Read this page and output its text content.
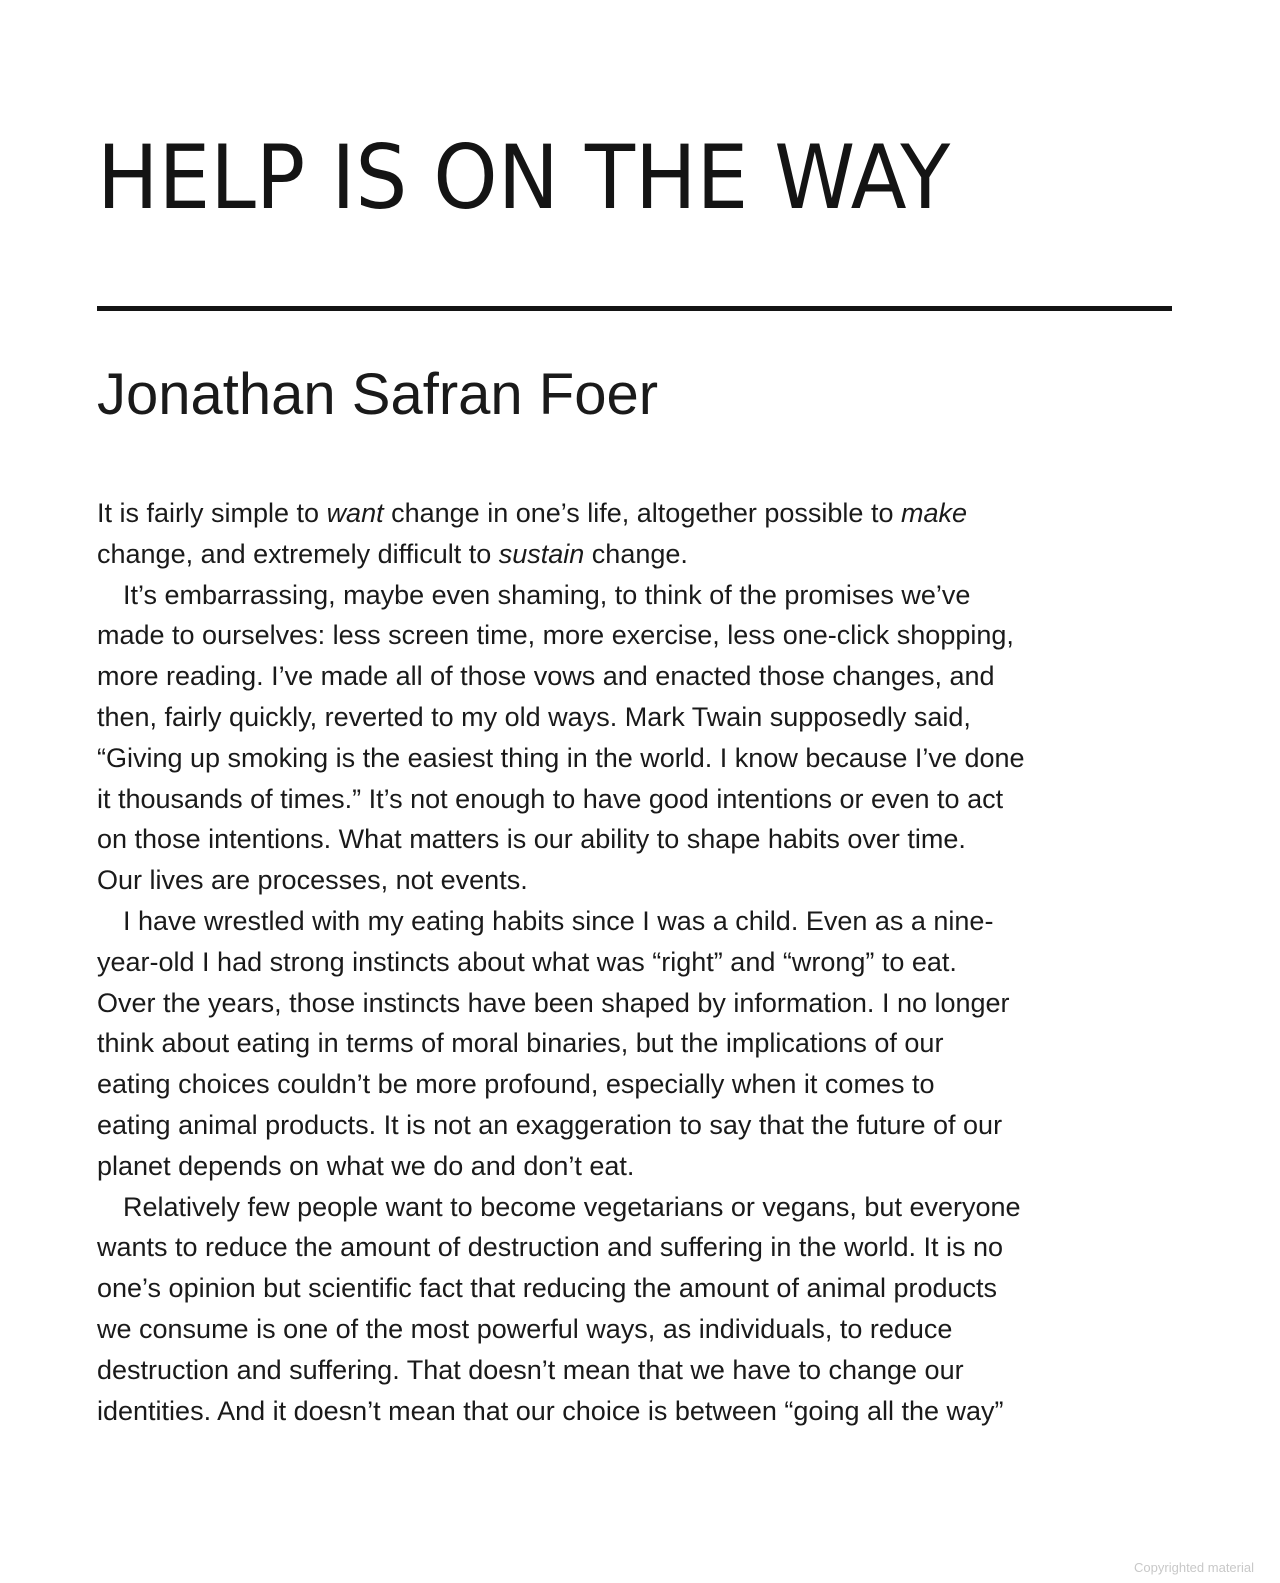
HELP IS ON THE WAY
Jonathan Safran Foer
It is fairly simple to want change in one’s life, altogether possible to make
change, and extremely difficult to sustain change.
It’s embarrassing, maybe even shaming, to think of the promises we’ve
made to ourselves: less screen time, more exercise, less one-click shopping,
more reading. I’ve made all of those vows and enacted those changes, and
then, fairly quickly, reverted to my old ways. Mark Twain supposedly said,
“Giving up smoking is the easiest thing in the world. I know because I’ve done
it thousands of times.” It’s not enough to have good intentions or even to act
on those intentions. What matters is our ability to shape habits over time.
Our lives are processes, not events.
I have wrestled with my eating habits since I was a child. Even as a nine-
year-old I had strong instincts about what was “right” and “wrong” to eat.
Over the years, those instincts have been shaped by information. I no longer
think about eating in terms of moral binaries, but the implications of our
eating choices couldn’t be more profound, especially when it comes to
eating animal products. It is not an exaggeration to say that the future of our
planet depends on what we do and don’t eat.
Relatively few people want to become vegetarians or vegans, but everyone
wants to reduce the amount of destruction and suffering in the world. It is no
one’s opinion but scientific fact that reducing the amount of animal products
we consume is one of the most powerful ways, as individuals, to reduce
destruction and suffering. That doesn’t mean that we have to change our
identities. And it doesn’t mean that our choice is between “going all the way”
Copyrighted material
